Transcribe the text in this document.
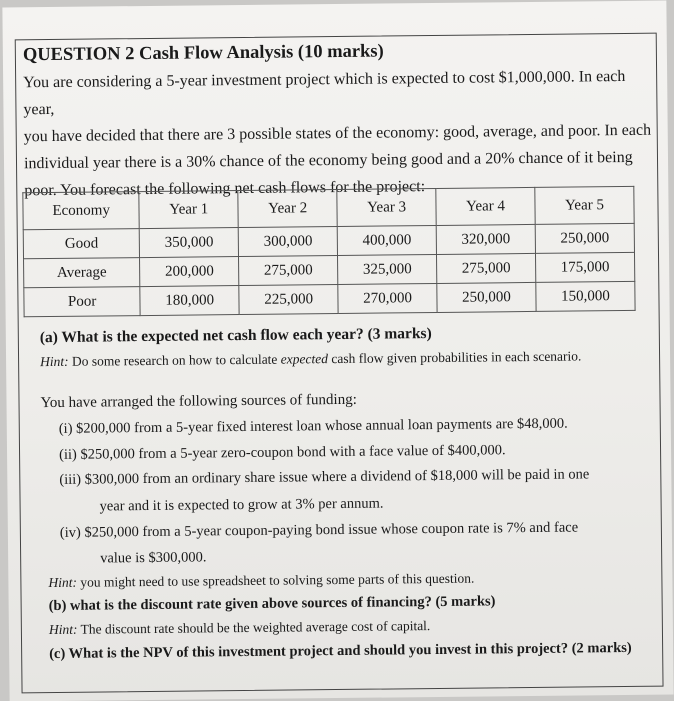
QUESTION 2 Cash Flow Analysis (10 marks)
You are considering a 5-year investment project which is expected to cost $1,000,000. In each year,
you have decided that there are 3 possible states of the economy: good, average, and poor. In each
individual year there is a 30% chance of the economy being good and a 20% chance of it being
poor. You forecast the following net cash flows for the project:
Economy	Year 1	Year 2	Year 3	Year 4	Year 5
Good	350,000	300,000	400,000	320,000	250,000
Average	200,000	275,000	325,000	275,000	175,000
Poor	180,000	225,000	270,000	250,000	150,000
(a) What is the expected net cash flow each year? (3 marks)
Hint: Do some research on how to calculate expected cash flow given probabilities in each scenario.
You have arranged the following sources of funding:
(i) $200,000 from a 5-year fixed interest loan whose annual loan payments are $48,000.
(ii) $250,000 from a 5-year zero-coupon bond with a face value of $400,000.
(iii) $300,000 from an ordinary share issue where a dividend of $18,000 will be paid in one
year and it is expected to grow at 3% per annum.
(iv) $250,000 from a 5-year coupon-paying bond issue whose coupon rate is 7% and face
value is $300,000.
Hint: you might need to use spreadsheet to solving some parts of this question.
(b) what is the discount rate given above sources of financing? (5 marks)
Hint: The discount rate should be the weighted average cost of capital.
(c) What is the NPV of this investment project and should you invest in this project? (2 marks)
